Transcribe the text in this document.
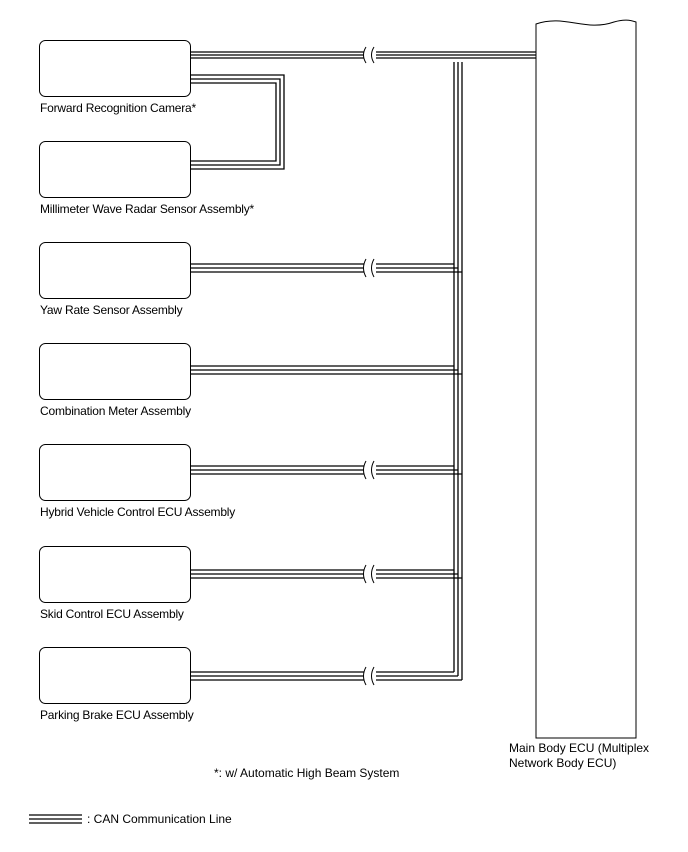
Forward Recognition Camera*
Millimeter Wave Radar Sensor Assembly*
Yaw Rate Sensor Assembly
Combination Meter Assembly
Hybrid Vehicle Control ECU Assembly
Skid Control ECU Assembly
Parking Brake ECU Assembly
Main Body ECU (Multiplex
Network Body ECU)
*: w/ Automatic High Beam System
: CAN Communication Line
